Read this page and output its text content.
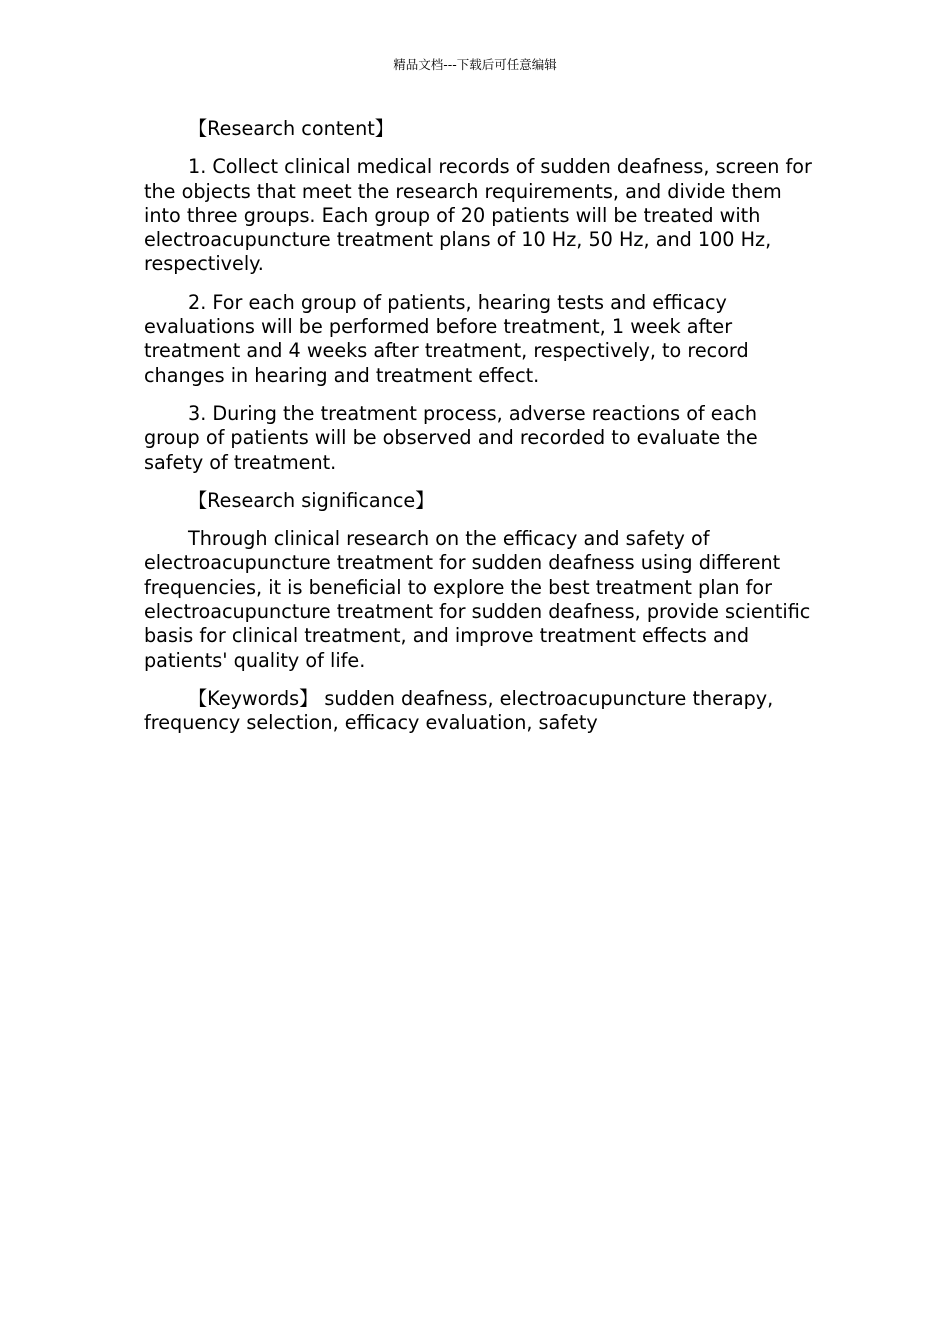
精品文档---下载后可任意编辑

【Research content】

1. Collect clinical medical records of sudden deafness, screen for the objects that meet the research requirements, and divide them into three groups. Each group of 20 patients will be treated with electroacupuncture treatment plans of 10 Hz, 50 Hz, and 100 Hz, respectively.

2. For each group of patients, hearing tests and efficacy evaluations will be performed before treatment, 1 week after treatment and 4 weeks after treatment, respectively, to record changes in hearing and treatment effect.

3. During the treatment process, adverse reactions of each group of patients will be observed and recorded to evaluate the safety of treatment.

【Research significance】

Through clinical research on the efficacy and safety of electroacupuncture treatment for sudden deafness using different frequencies, it is beneficial to explore the best treatment plan for electroacupuncture treatment for sudden deafness, provide scientific basis for clinical treatment, and improve treatment effects and patients' quality of life.

【Keywords】 sudden deafness, electroacupuncture therapy, frequency selection, efficacy evaluation, safety
